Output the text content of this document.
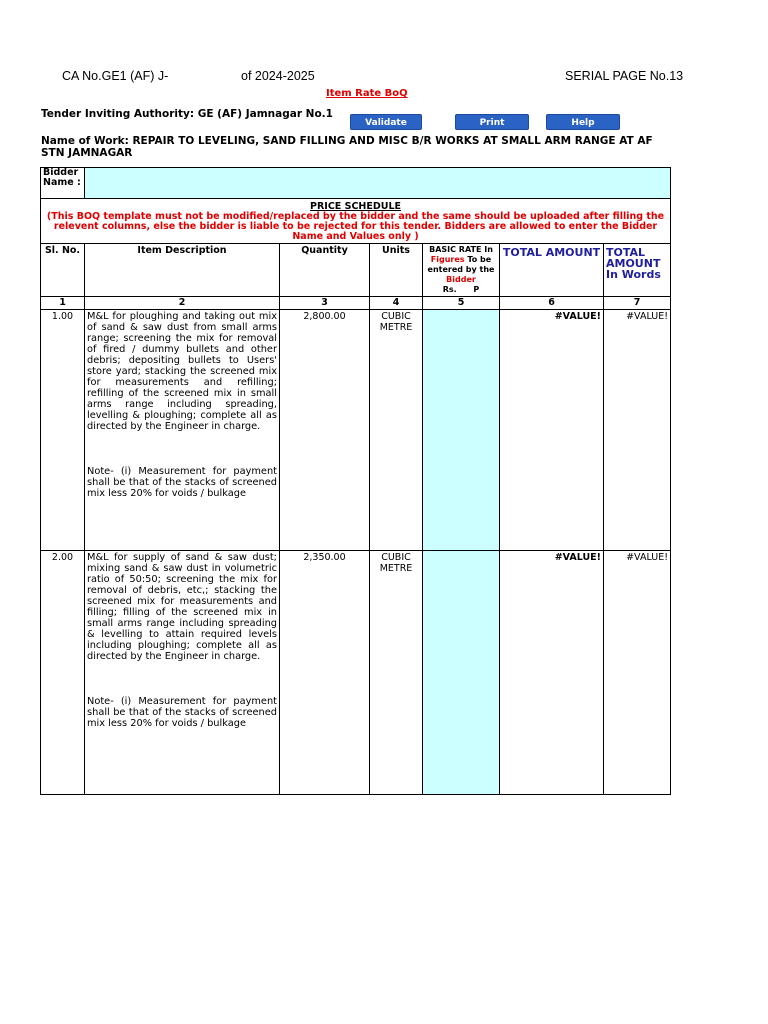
CA No.GE1 (AF) J-	of 2024-2025	SERIAL PAGE No.13
Item Rate BoQ
Tender Inviting Authority: GE (AF) Jamnagar No.1
Validate	Print	Help
Name of Work: REPAIR TO LEVELING, SAND FILLING AND MISC B/R WORKS AT SMALL ARM RANGE AT AF STN JAMNAGAR
Bidder Name :						

PRICE SCHEDULE
(This BOQ template must not be modified/replaced by the bidder and the same should be uploaded after filling the relevent columns, else the bidder is liable to be rejected for this tender. Bidders are allowed to enter the Bidder Name and Values only )						

Sl. No.	Item Description	Quantity	Units	BASIC RATE In
Figures To be entered by the
Bidder
Rs.      P	TOTAL AMOUNT	TOTAL AMOUNT
In Words
1	2	3	4	5	6	7
1.00	M&L for ploughing and taking out mix of sand & saw dust from small arms range; screening the mix for removal of fired / dummy bullets and other debris; depositing bullets to Users' store yard; stacking the screened mix for measurements and refilling; refilling of the screened mix in small arms range including spreading, levelling & ploughing; complete all as directed by the Engineer in charge.
Note- (i) Measurement for payment shall be that of the stacks of screened mix less 20% for voids / bulkage	2,800.00	CUBIC METRE		#VALUE!	#VALUE!
2.00	M&L for supply of sand & saw dust; mixing sand & saw dust in volumetric ratio of 50:50; screening the mix for removal of debris, etc,; stacking the screened mix for measurements and filling; filling of the screened mix in small arms range including spreading & levelling to attain required levels including ploughing; complete all as directed by the Engineer in charge.
Note- (i) Measurement for payment shall be that of the stacks of screened mix less 20% for voids / bulkage	2,350.00	CUBIC METRE		#VALUE!	#VALUE!
